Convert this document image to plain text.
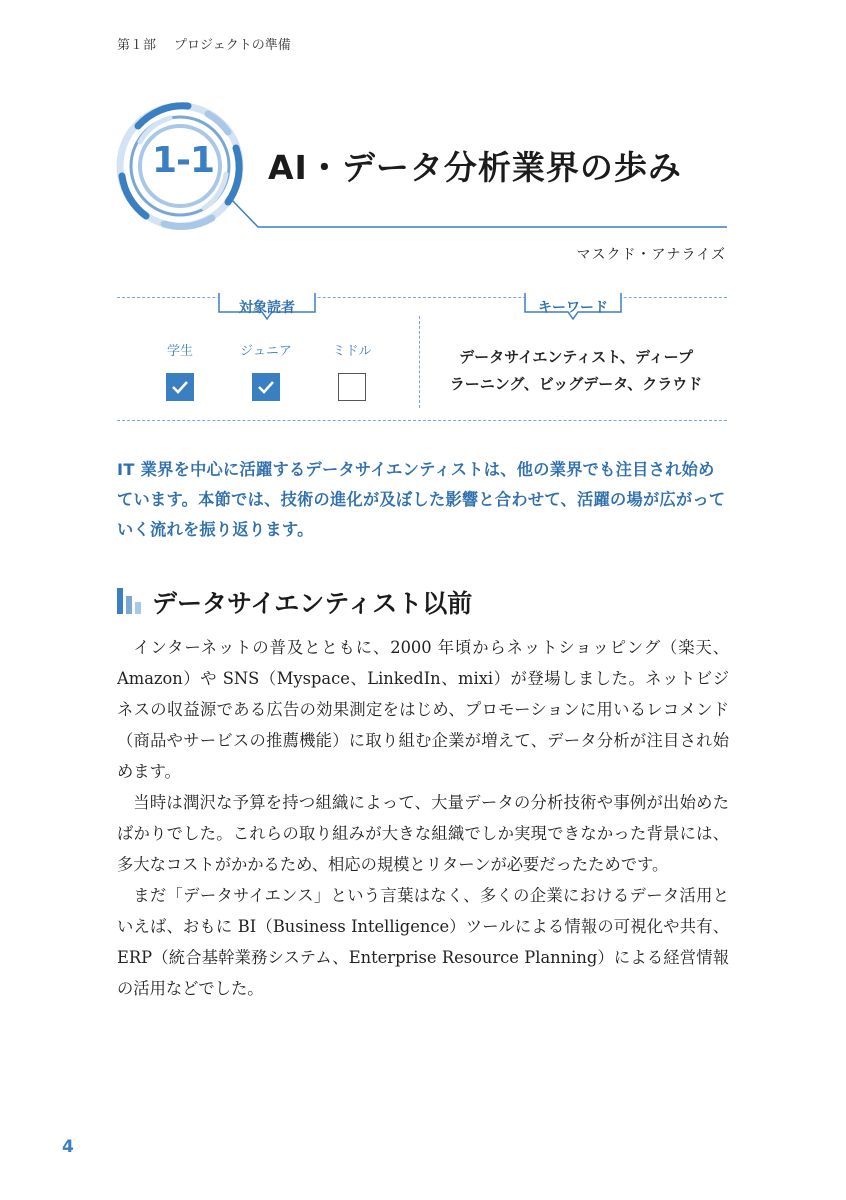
第１部 プロジェクトの準備
1-1	AI・データ分析業界の歩み
マスクド・アナライズ
対象読者	キーワード
学生	ジュニア	ミドル	データサイエンティスト、ディープ
ラーニング、ビッグデータ、クラウド
IT 業界を中心に活躍するデータサイエンティストは、他の業界でも注目され始めています。本節では、技術の進化が及ぼした影響と合わせて、活躍の場が広がっていく流れを振り返ります。
データサイエンティスト以前

インターネットの普及とともに、2000 年頃からネットショッピング（楽天、Amazon）や SNS（Myspace、LinkedIn、mixi）が登場しました。ネットビジネスの収益源である広告の効果測定をはじめ、プロモーションに用いるレコメンド（商品やサービスの推薦機能）に取り組む企業が増えて、データ分析が注目され始めます。

当時は潤沢な予算を持つ組織によって、大量データの分析技術や事例が出始めたばかりでした。これらの取り組みが大きな組織でしか実現できなかった背景には、多大なコストがかかるため、相応の規模とリターンが必要だったためです。

まだ「データサイエンス」という言葉はなく、多くの企業におけるデータ活用といえば、おもに BI（Business Intelligence）ツールによる情報の可視化や共有、ERP（統合基幹業務システム、Enterprise Resource Planning）による経営情報の活用などでした。

4
